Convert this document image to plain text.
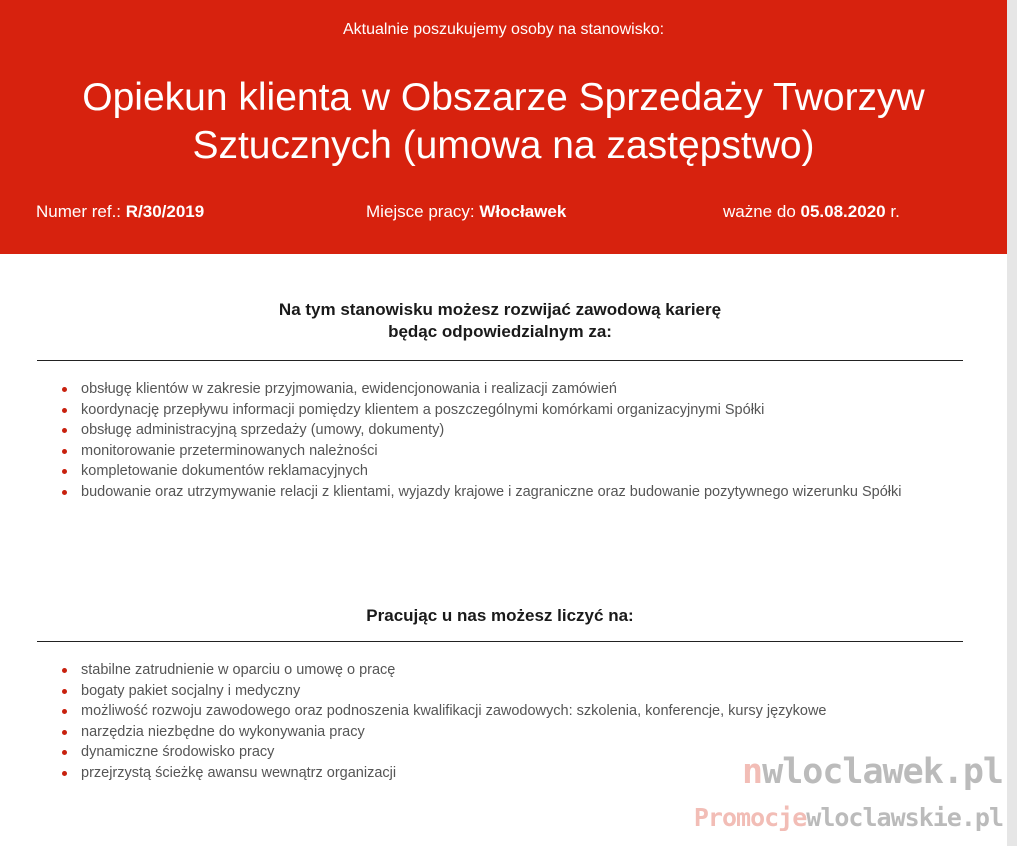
Aktualnie poszukujemy osoby na stanowisko:
Opiekun klienta w Obszarze Sprzedaży Tworzyw
Sztucznych (umowa na zastępstwo)
Numer ref.: R/30/2019	Miejsce pracy: Włocławek	ważne do 05.08.2020 r.
Na tym stanowisku możesz rozwijać zawodową karierę
będąc odpowiedzialnym za:
obsługę klientów w zakresie przyjmowania, ewidencjonowania i realizacji zamówień
koordynację przepływu informacji pomiędzy klientem a poszczególnymi komórkami organizacyjnymi Spółki
obsługę administracyjną sprzedaży (umowy, dokumenty)
monitorowanie przeterminowanych należności
kompletowanie dokumentów reklamacyjnych
budowanie oraz utrzymywanie relacji z klientami, wyjazdy krajowe i zagraniczne oraz budowanie pozytywnego wizerunku Spółki
Pracując u nas możesz liczyć na:
stabilne zatrudnienie w oparciu o umowę o pracę
bogaty pakiet socjalny i medyczny
możliwość rozwoju zawodowego oraz podnoszenia kwalifikacji zawodowych: szkolenia, konferencje, kursy językowe
narzędzia niezbędne do wykonywania pracy
dynamiczne środowisko pracy
przejrzystą ścieżkę awansu wewnątrz organizacji	nwloclawek.pl
Promocjewloclawskie.pl
